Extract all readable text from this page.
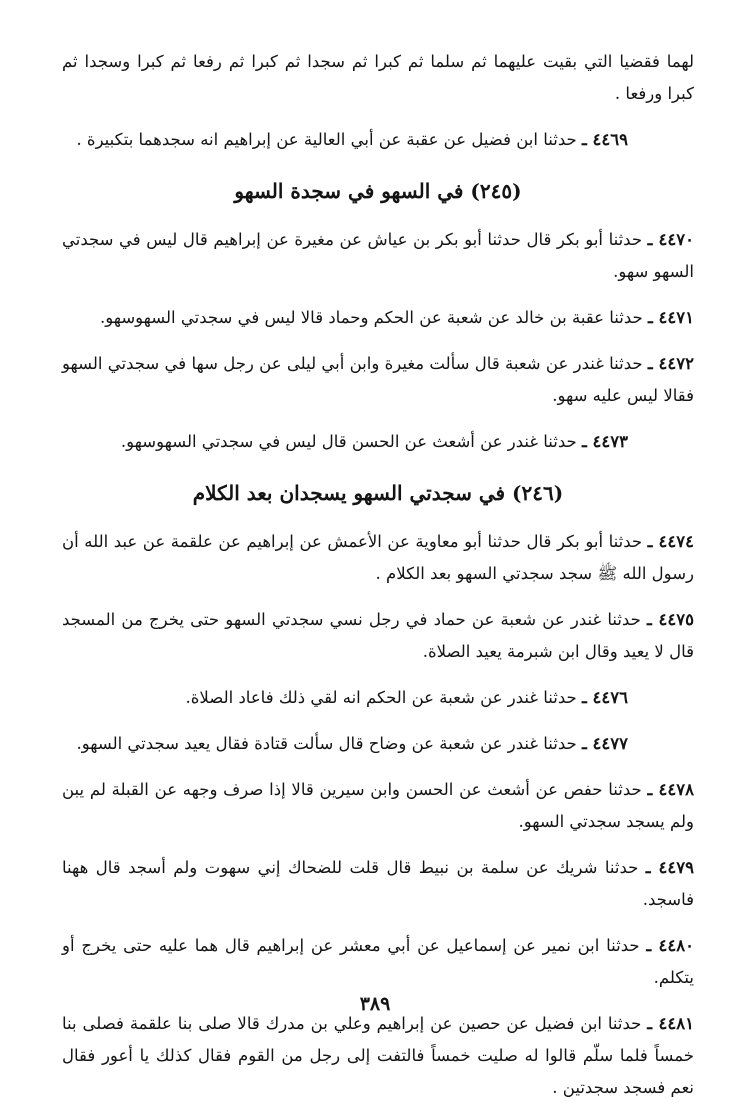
لهما فقضيا التي بقيت عليهما ثم سلما ثم كبرا ثم سجدا ثم كبرا ثم رفعا ثم كبرا وسجدا ثم كبرا ورفعا .

٤٤٦٩ ـ حدثنا ابن فضيل عن عقبة عن أبي العالية عن إبراهيم انه سجدهما بتكبيرة .

(٢٤٥) في السهو في سجدة السهو

٤٤٧٠ ـ حدثنا أبو بكر قال حدثنا أبو بكر بن عياش عن مغيرة عن إبراهيم قال ليس في سجدتي السهو سهو.

٤٤٧١ ـ حدثنا عقبة بن خالد عن شعبة عن الحكم وحماد قالا ليس في سجدتي السهوسهو.

٤٤٧٢ ـ حدثنا غندر عن شعبة قال سألت مغيرة وابن أبي ليلى عن رجل سها في سجدتي السهو فقالا ليس عليه سهو.

٤٤٧٣ ـ حدثنا غندر عن أشعث عن الحسن قال ليس في سجدتي السهوسهو.

(٢٤٦) في سجدتي السهو يسجدان بعد الكلام

٤٤٧٤ ـ حدثنا أبو بكر قال حدثنا أبو معاوية عن الأعمش عن إبراهيم عن علقمة عن عبد الله أن رسول الله ﷺ سجد سجدتي السهو بعد الكلام .

٤٤٧٥ ـ حدثنا غندر عن شعبة عن حماد في رجل نسي سجدتي السهو حتى يخرج من المسجد قال لا يعيد وقال ابن شبرمة يعيد الصلاة.

٤٤٧٦ ـ حدثنا غندر عن شعبة عن الحكم انه لقي ذلك فاعاد الصلاة.

٤٤٧٧ ـ حدثنا غندر عن شعبة عن وضاح قال سألت قتادة فقال يعيد سجدتي السهو.

٤٤٧٨ ـ حدثنا حفص عن أشعث عن الحسن وابن سيرين قالا إذا صرف وجهه عن القبلة لم يبن ولم يسجد سجدتي السهو.

٤٤٧٩ ـ حدثنا شريك عن سلمة بن نبيط قال قلت للضحاك إني سهوت ولم أسجد قال ههنا فاسجد.

٤٤٨٠ ـ حدثنا ابن نمير عن إسماعيل عن أبي معشر عن إبراهيم قال هما عليه حتى يخرج أو يتكلم.

٤٤٨١ ـ حدثنا ابن فضيل عن حصين عن إبراهيم وعلي بن مدرك قالا صلى بنا علقمة فصلى بنا خمساً فلما سلّم قالوا له صليت خمساً فالتفت إلى رجل من القوم فقال كذلك يا أعور فقال نعم فسجد سجدتين .

٣٨٩
